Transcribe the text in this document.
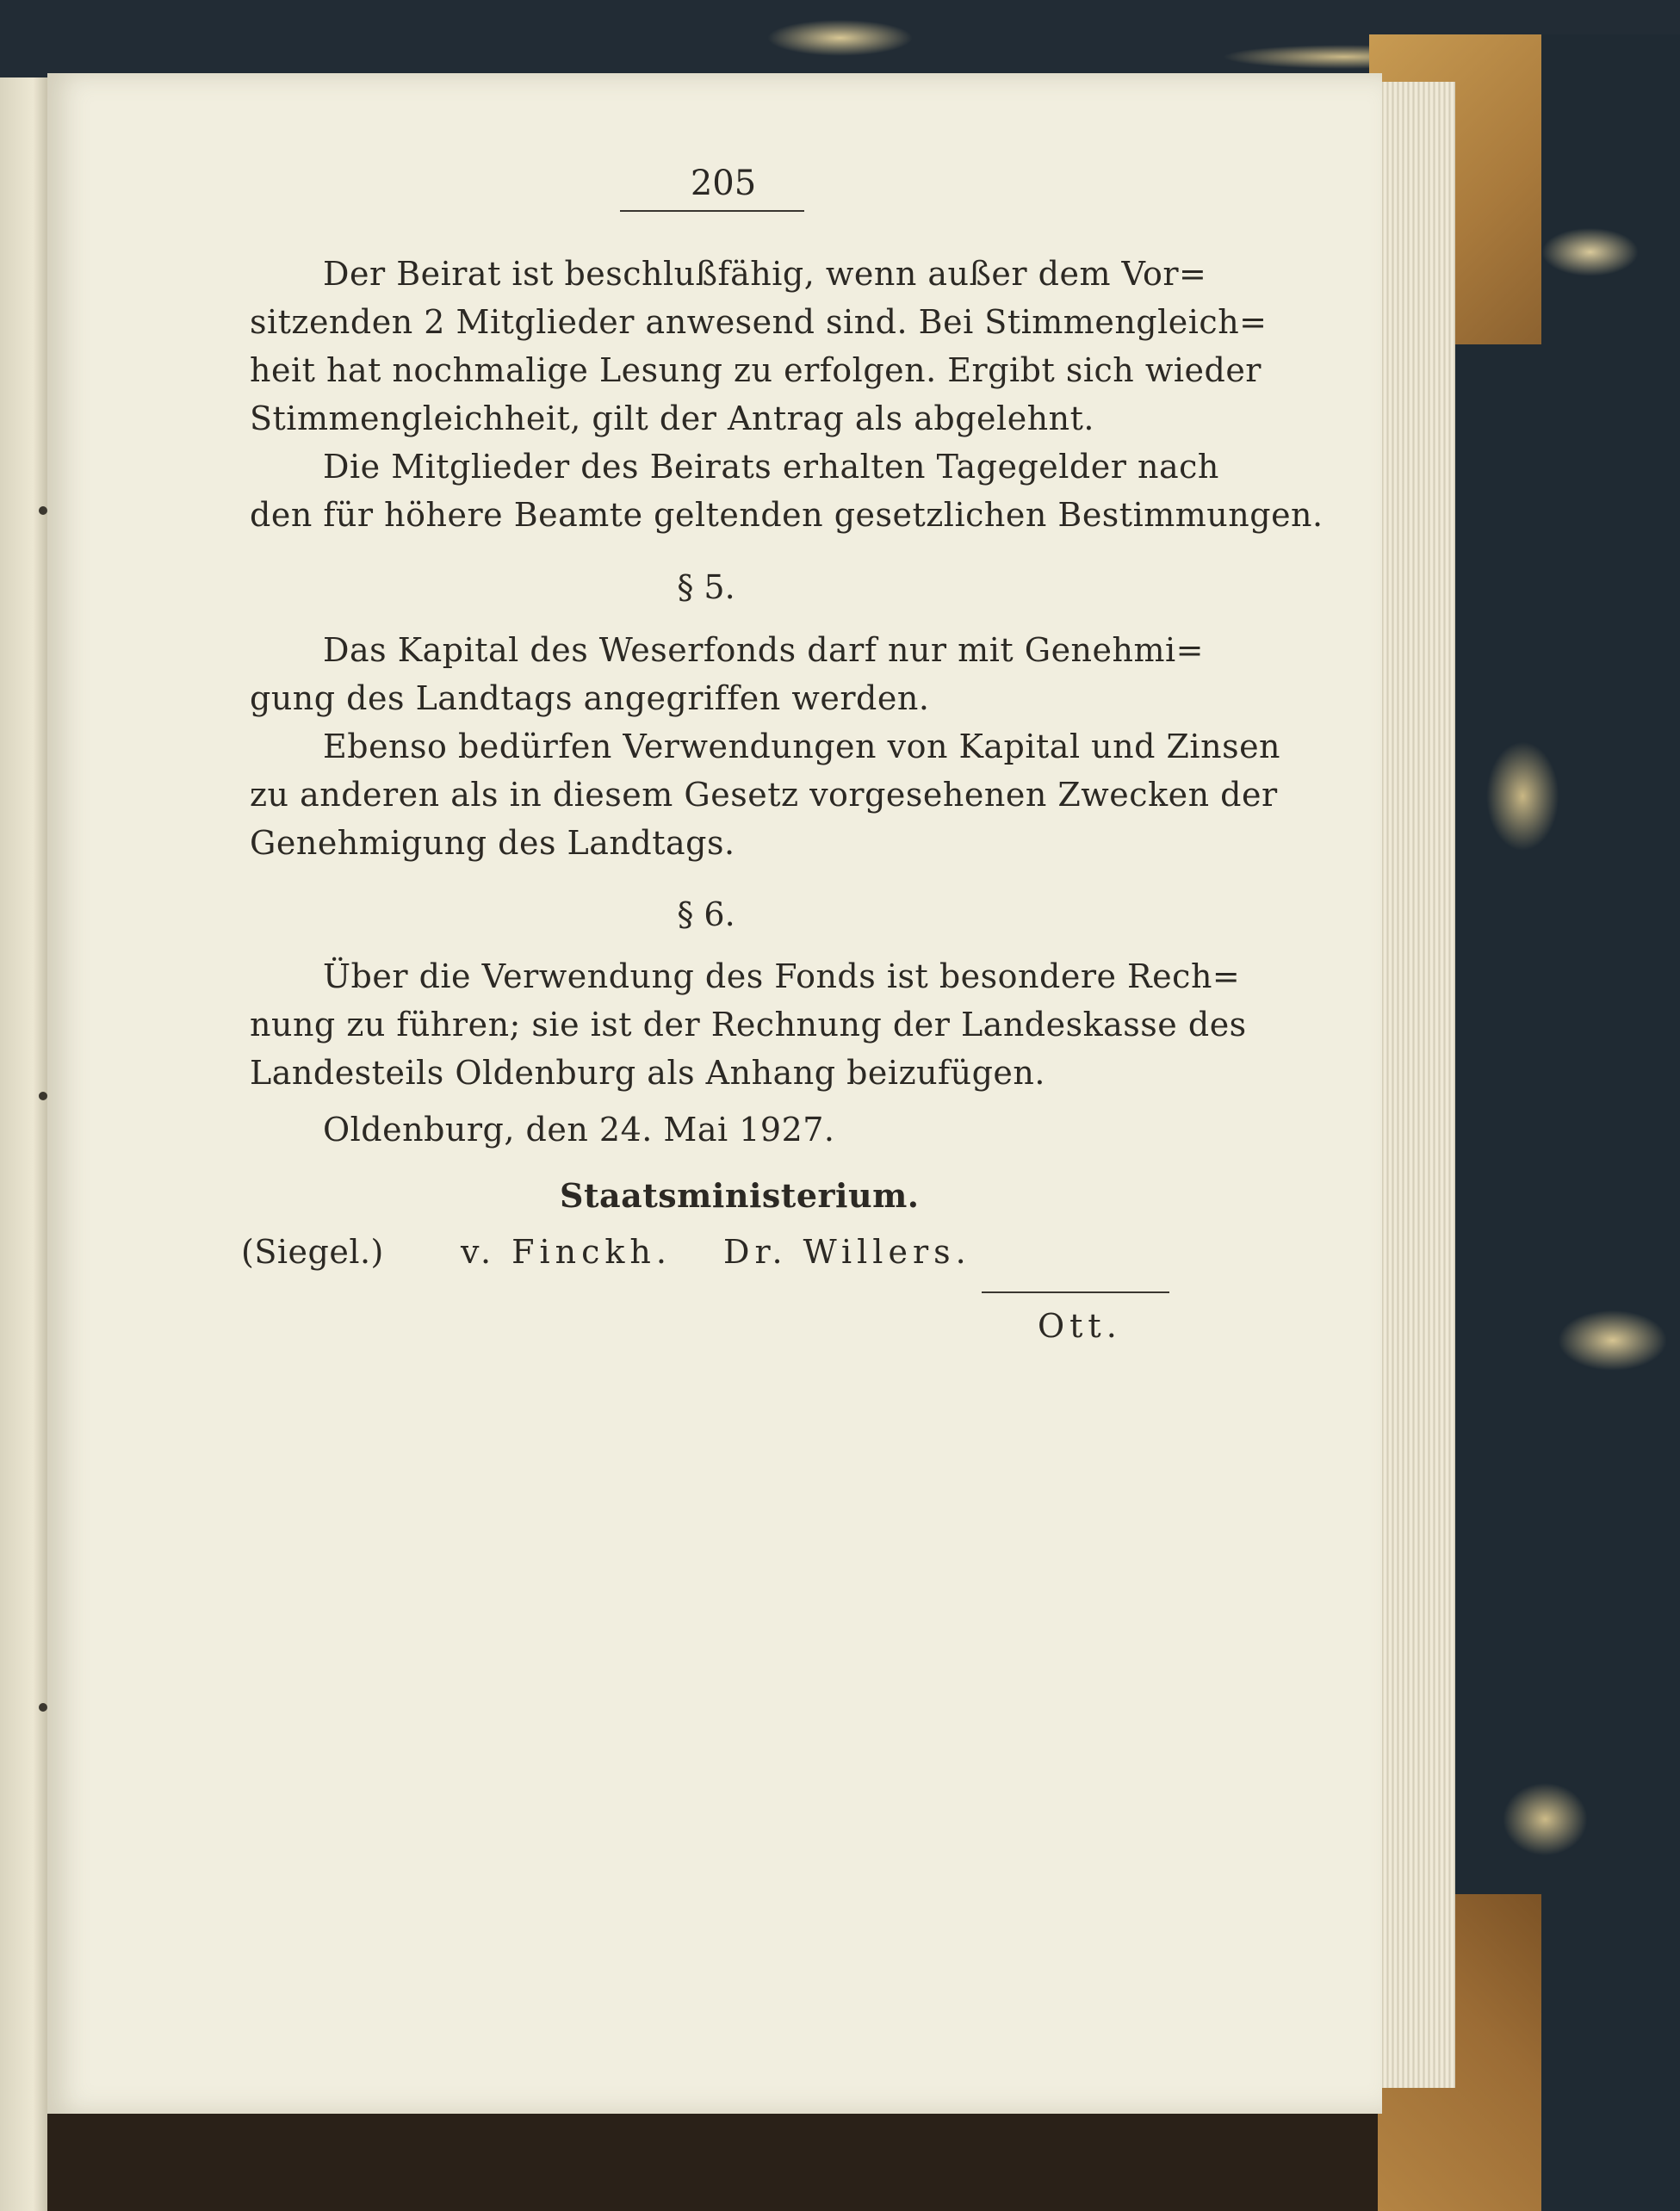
205
Der Beirat ist beschlußfähig, wenn außer dem Vor=
sitzenden 2 Mitglieder anwesend sind. Bei Stimmengleich=
heit hat nochmalige Lesung zu erfolgen. Ergibt sich wieder
Stimmengleichheit, gilt der Antrag als abgelehnt.
Die Mitglieder des Beirats erhalten Tagegelder nach
den für höhere Beamte geltenden gesetzlichen Bestimmungen.
§ 5.
Das Kapital des Weserfonds darf nur mit Genehmi=
gung des Landtags angegriffen werden.
Ebenso bedürfen Verwendungen von Kapital und Zinsen
zu anderen als in diesem Gesetz vorgesehenen Zwecken der
Genehmigung des Landtags.
§ 6.
Über die Verwendung des Fonds ist besondere Rech=
nung zu führen; sie ist der Rechnung der Landeskasse des
Landesteils Oldenburg als Anhang beizufügen.
Oldenburg, den 24. Mai 1927.
Staatsministerium.
(Siegel.) v. Finckh. Dr. Willers.
Ott.
